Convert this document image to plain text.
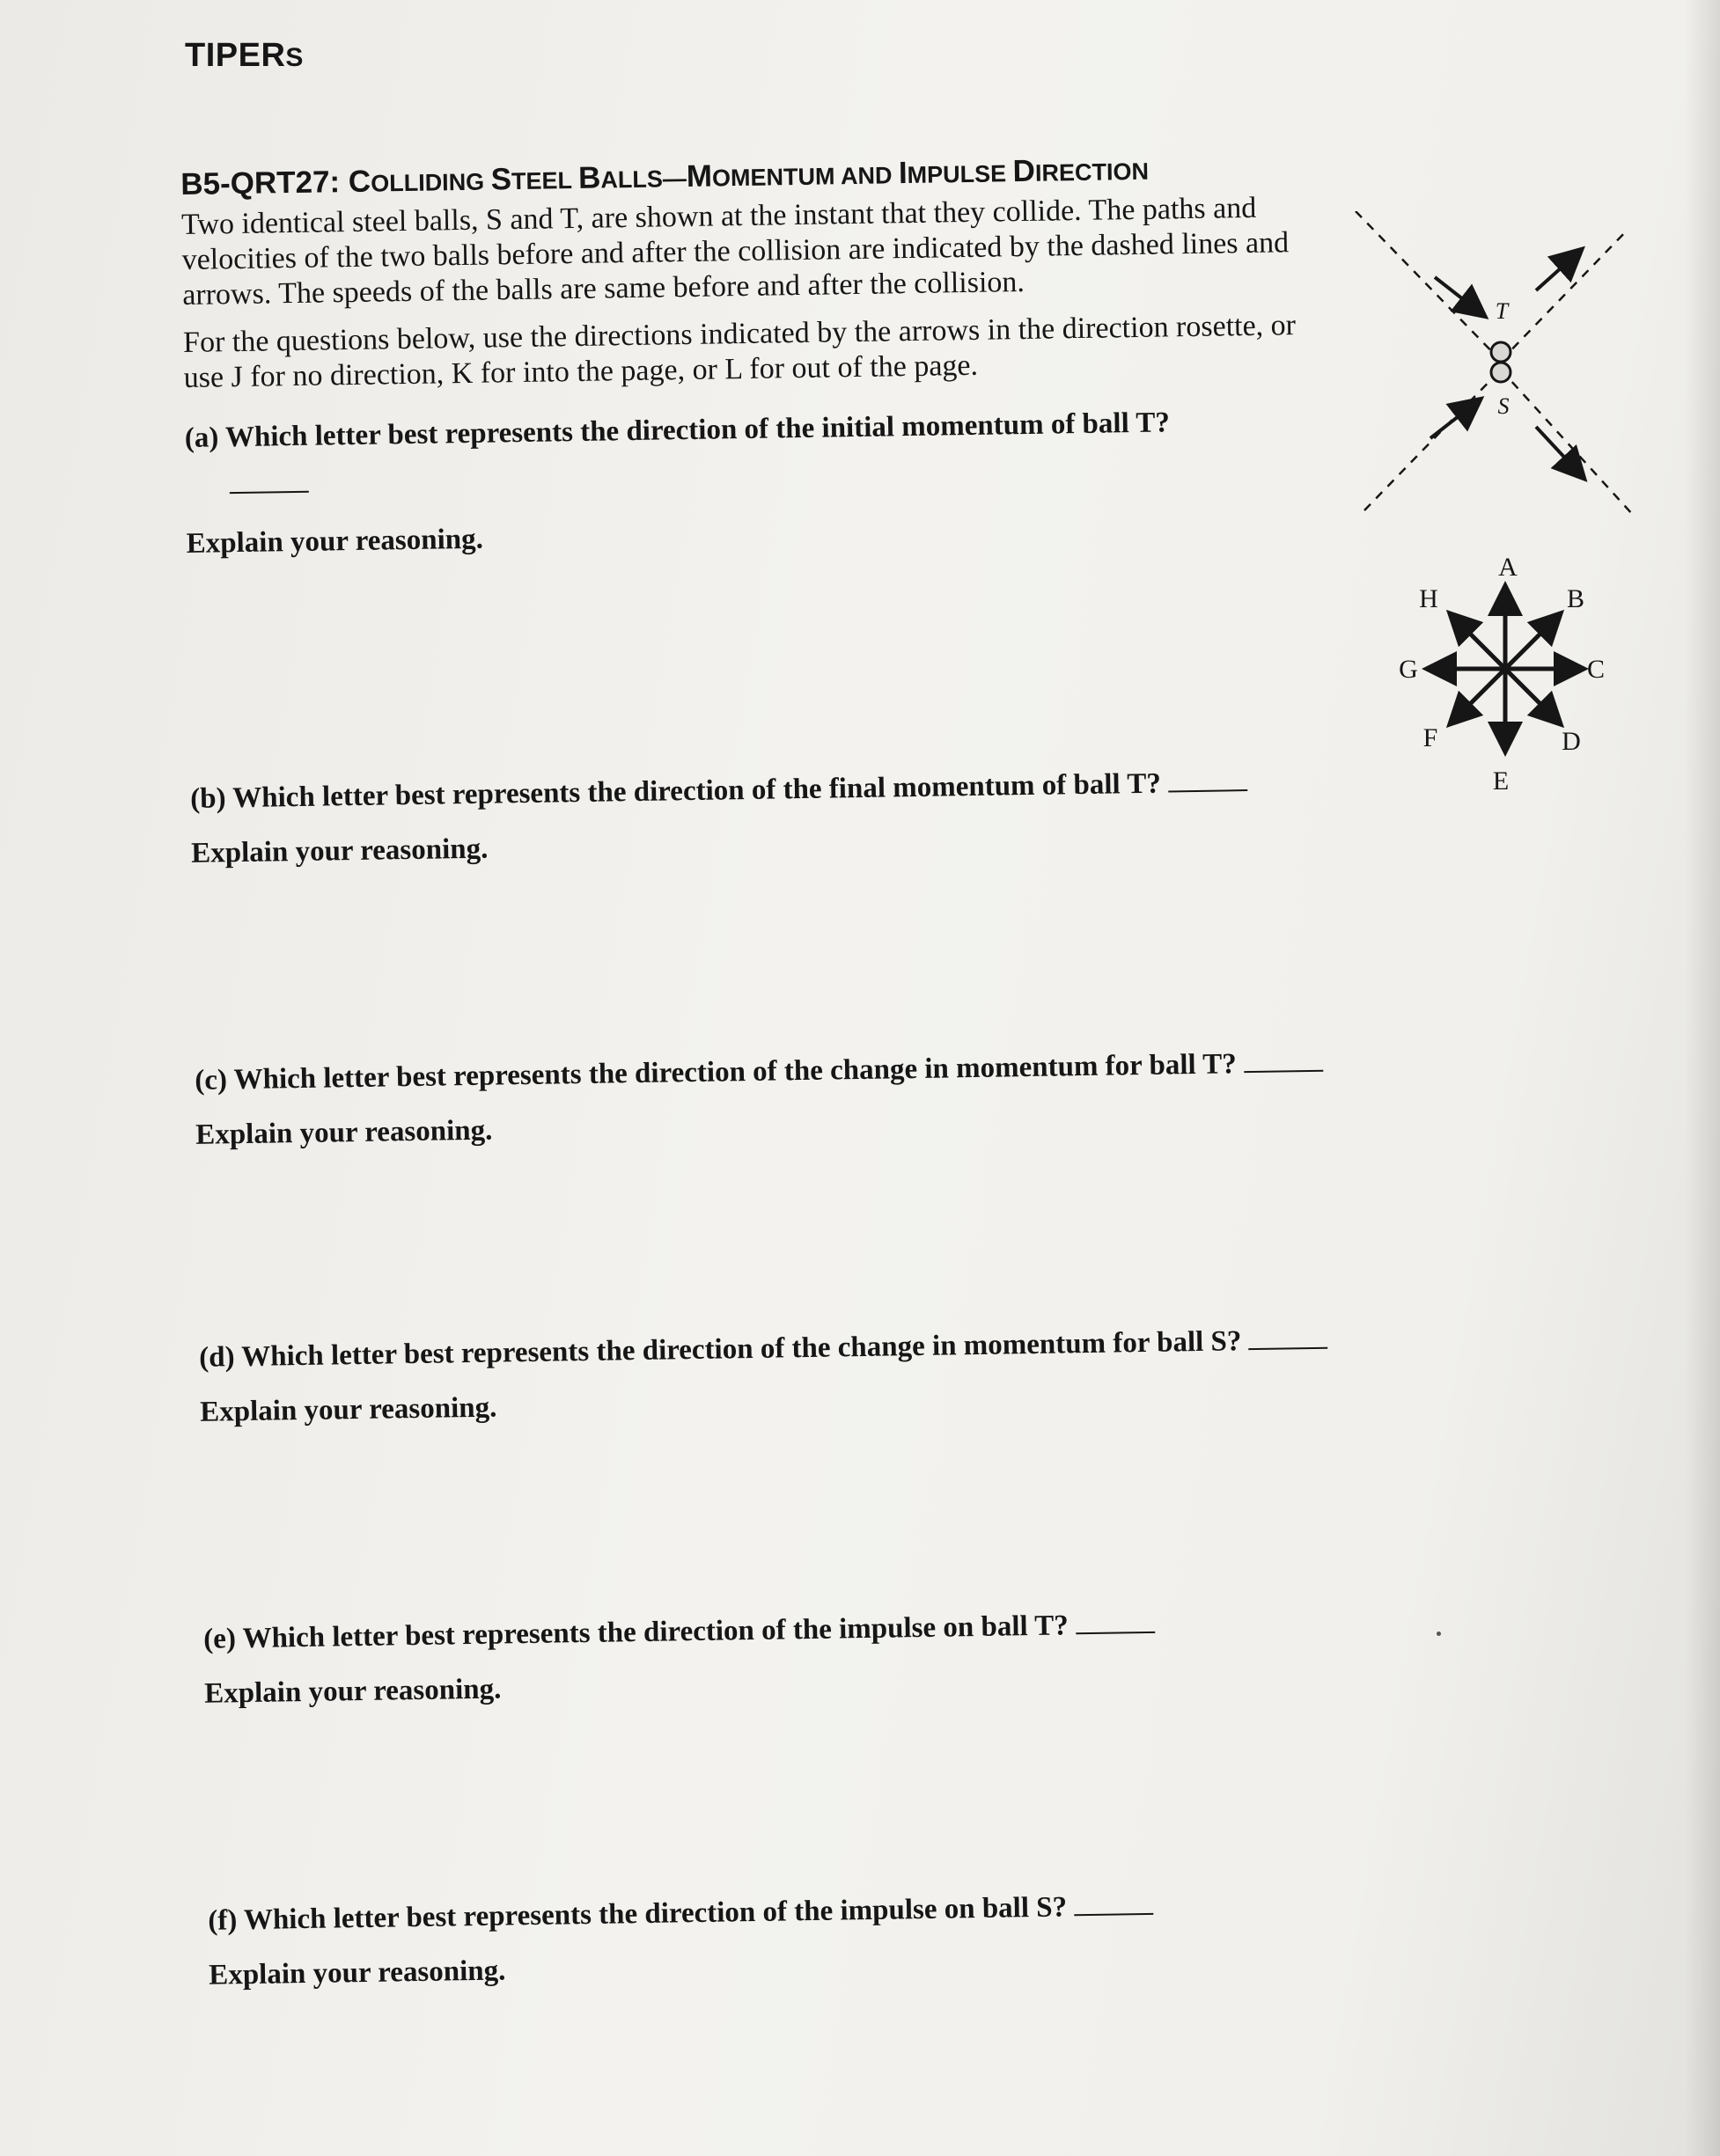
TIPERS
B5-QRT27: COLLIDING STEEL BALLS—MOMENTUM AND IMPULSE DIRECTION

Two identical steel balls, S and T, are shown at the instant that they collide. The paths and velocities of the two balls before and after the collision are indicated by the dashed lines and arrows. The speeds of the balls are same before and after the collision.

For the questions below, use the directions indicated by the arrows in the direction rosette, or use J for no direction, K for into the page, or L for out of the page.

(a) Which letter best represents the direction of the initial momentum of ball T?
Explain your reasoning.
(b) Which letter best represents the direction of the final momentum of ball T?
Explain your reasoning.
(c) Which letter best represents the direction of the change in momentum for ball T?
Explain your reasoning.
(d) Which letter best represents the direction of the change in momentum for ball S?
Explain your reasoning.
(e) Which letter best represents the direction of the impulse on ball T?
Explain your reasoning.
(f) Which letter best represents the direction of the impulse on ball S?
Explain your reasoning.
T
S
A
B
C
D
E
F
G
H
